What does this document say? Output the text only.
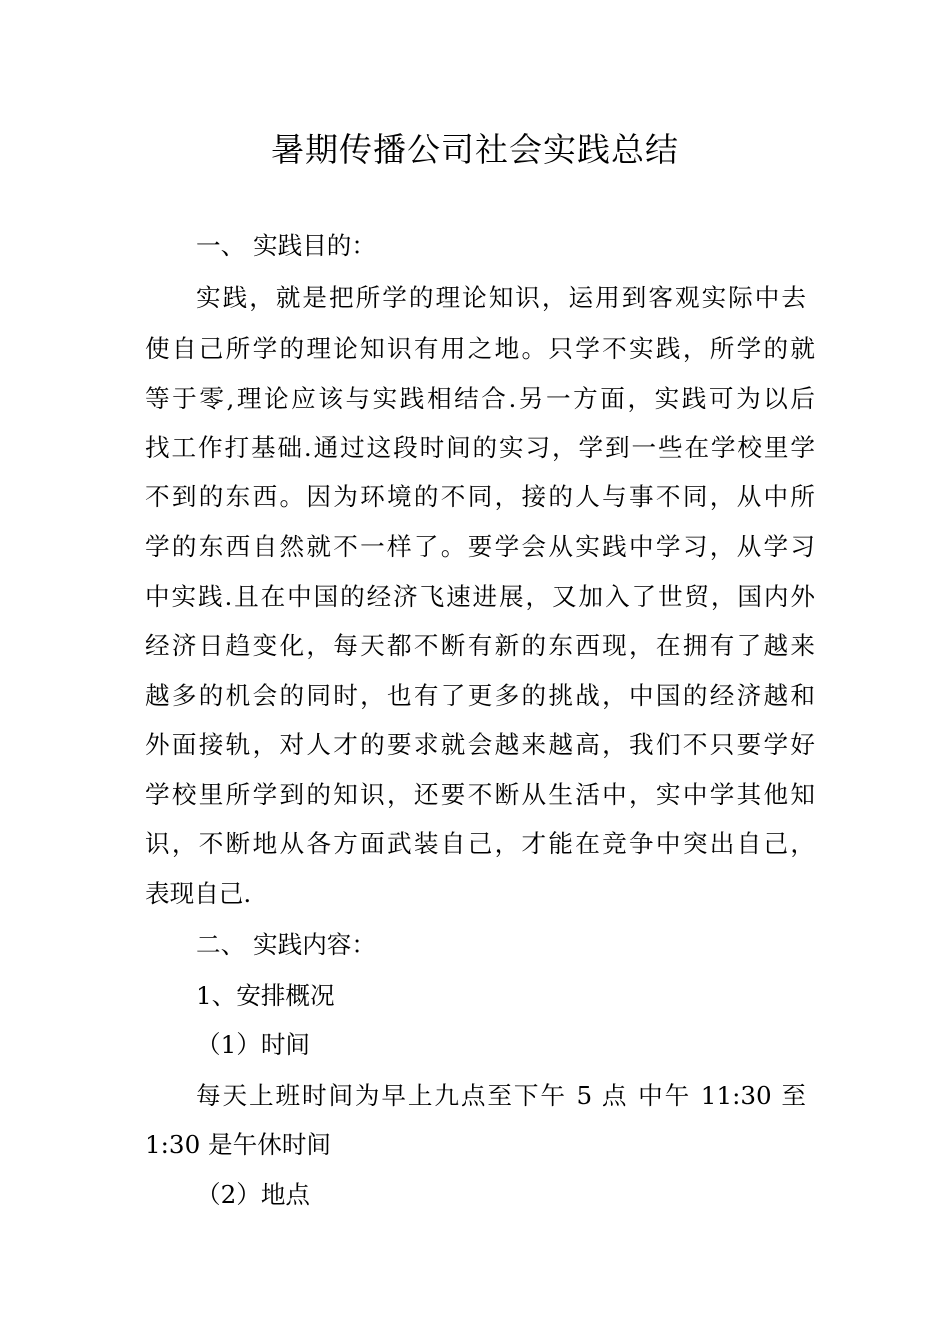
暑期传播公司社会实践总结
一、 实践目的：
实践，就是把所学的理论知识，运用到客观实际中去
使自己所学的理论知识有用之地。只学不实践，所学的就
等于零,理论应该与实践相结合.另一方面，实践可为以后
找工作打基础.通过这段时间的实习，学到一些在学校里学
不到的东西。因为环境的不同，接的人与事不同，从中所
学的东西自然就不一样了。要学会从实践中学习，从学习
中实践.且在中国的经济飞速进展，又加入了世贸，国内外
经济日趋变化，每天都不断有新的东西现，在拥有了越来
越多的机会的同时，也有了更多的挑战，中国的经济越和
外面接轨，对人才的要求就会越来越高，我们不只要学好
学校里所学到的知识，还要不断从生活中，实中学其他知
识，不断地从各方面武装自己，才能在竞争中突出自己，
表现自己.
二、 实践内容：
1、安排概况
（1）时间
每天上班时间为早上九点至下午 5 点 中午 11:30 至
1:30 是午休时间
（2）地点
